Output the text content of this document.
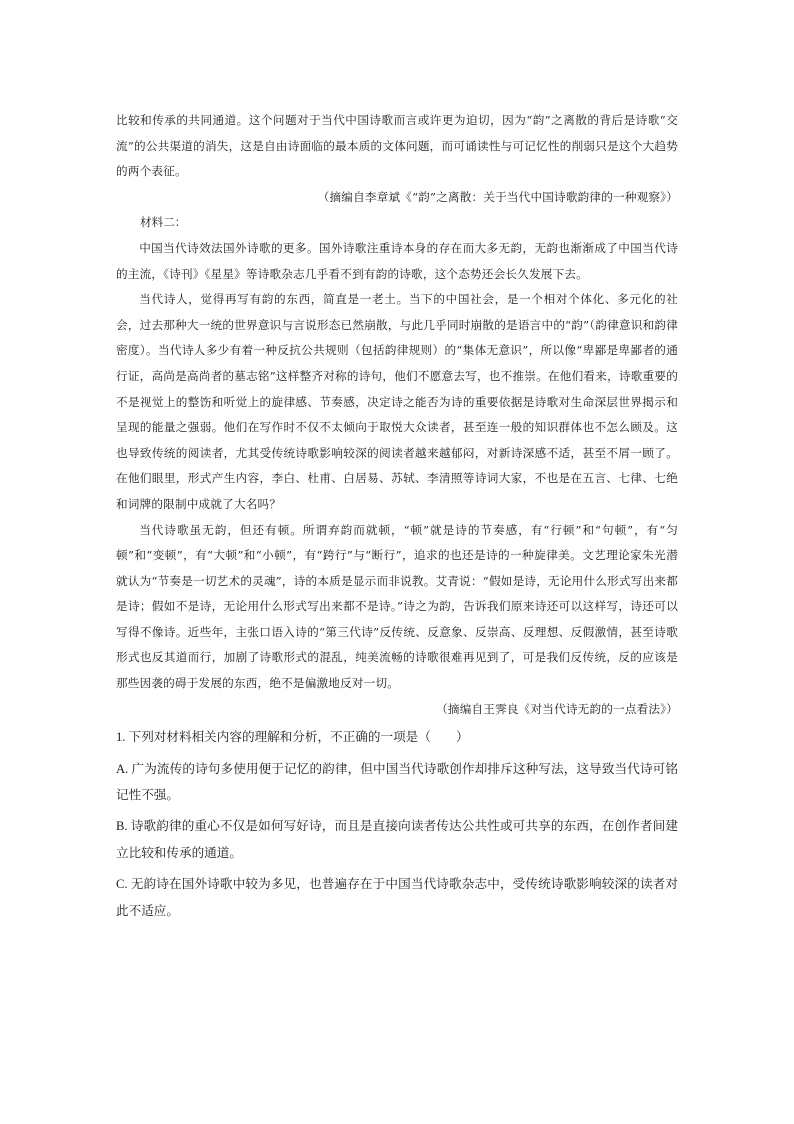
比较和传承的共同通道。这个问题对于当代中国诗歌而言或许更为迫切，因为“韵”之离散的背后是诗歌“交流”的公共渠道的消失，这是自由诗面临的最本质的文体问题，而可诵读性与可记忆性的削弱只是这个大趋势的两个表征。

（摘编自李章斌《“韵”之离散：关于当代中国诗歌韵律的一种观察》）

材料二：

中国当代诗效法国外诗歌的更多。国外诗歌注重诗本身的存在而大多无韵，无韵也渐渐成了中国当代诗的主流，《诗刊》《星星》等诗歌杂志几乎看不到有韵的诗歌，这个态势还会长久发展下去。

当代诗人，觉得再写有韵的东西，简直是一老土。当下的中国社会，是一个相对个体化、多元化的社会，过去那种大一统的世界意识与言说形态已然崩散，与此几乎同时崩散的是语言中的“韵”（韵律意识和韵律密度）。当代诗人多少有着一种反抗公共规则（包括韵律规则）的“集体无意识”，所以像“卑鄙是卑鄙者的通行证，高尚是高尚者的墓志铭”这样整齐对称的诗句，他们不愿意去写，也不推崇。在他们看来，诗歌重要的不是视觉上的整饬和听觉上的旋律感、节奏感，决定诗之能否为诗的重要依据是诗歌对生命深层世界揭示和呈现的能量之强弱。他们在写作时不仅不太倾向于取悦大众读者，甚至连一般的知识群体也不怎么顾及。这也导致传统的阅读者，尤其受传统诗歌影响较深的阅读者越来越郁闷，对新诗深感不适，甚至不屑一顾了。在他们眼里，形式产生内容，李白、杜甫、白居易、苏轼、李清照等诗词大家，不也是在五言、七律、七绝和词牌的限制中成就了大名吗？

当代诗歌虽无韵，但还有顿。所谓弃韵而就顿，“顿”就是诗的节奏感，有“行顿”和“句顿”，有“匀顿”和“变顿”，有“大顿”和“小顿”，有“跨行”与“断行”，追求的也还是诗的一种旋律美。文艺理论家朱光潜就认为“节奏是一切艺术的灵魂”，诗的本质是显示而非说教。艾青说：“假如是诗，无论用什么形式写出来都是诗；假如不是诗，无论用什么形式写出来都不是诗。”诗之为韵，告诉我们原来诗还可以这样写，诗还可以写得不像诗。近些年，主张口语入诗的“第三代诗”反传统、反意象、反崇高、反理想、反假激情，甚至诗歌形式也反其道而行，加剧了诗歌形式的混乱，纯美流畅的诗歌很难再见到了，可是我们反传统，反的应该是那些因袭的碍于发展的东西，绝不是偏激地反对一切。

（摘编自王霁良《对当代诗无韵的一点看法》）

1. 下列对材料相关内容的理解和分析，不正确的一项是（　　）

A. 广为流传的诗句多使用便于记忆的韵律，但中国当代诗歌创作却排斥这种写法，这导致当代诗可铭记性不强。

B. 诗歌韵律的重心不仅是如何写好诗，而且是直接向读者传达公共性或可共享的东西，在创作者间建立比较和传承的通道。

C. 无韵诗在国外诗歌中较为多见，也普遍存在于中国当代诗歌杂志中，受传统诗歌影响较深的读者对此不适应。
